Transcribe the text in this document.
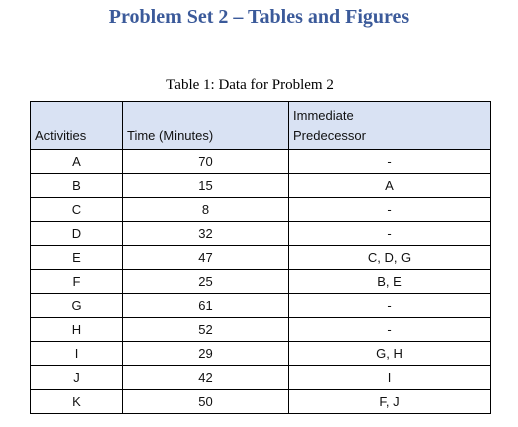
Problem Set 2 – Tables and Figures
Table 1: Data for Problem 2
Activities	Time (Minutes)	Immediate
Predecessor

A	70	-
B	15	A
C	8	-
D	32	-
E	47	C, D, G
F	25	B, E
G	61	-
H	52	-
I	29	G, H
J	42	I
K	50	F, J
